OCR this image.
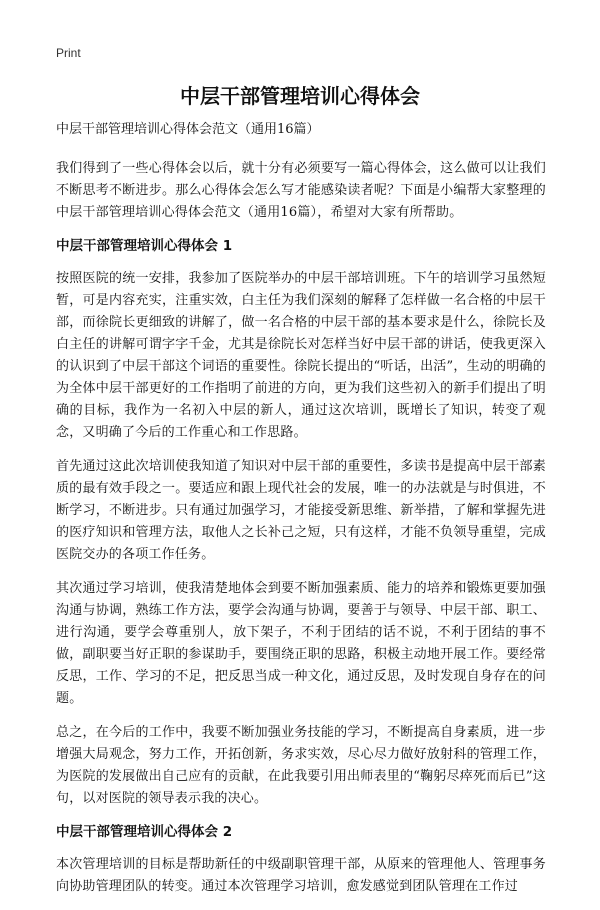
Print
中层干部管理培训心得体会

中层干部管理培训心得体会范文（通用16篇）

我们得到了一些心得体会以后，就十分有必须要写一篇心得体会，这么做可以让我们不断思考不断进步。那么心得体会怎么写才能感染读者呢？下面是小编帮大家整理的中层干部管理培训心得体会范文（通用16篇），希望对大家有所帮助。

中层干部管理培训心得体会 1

按照医院的统一安排，我参加了医院举办的中层干部培训班。下午的培训学习虽然短暂，可是内容充实，注重实效，白主任为我们深刻的解释了怎样做一名合格的中层干部，而徐院长更细致的讲解了，做一名合格的中层干部的基本要求是什么，徐院长及白主任的讲解可谓字字千金，尤其是徐院长对怎样当好中层干部的讲话，使我更深入的认识到了中层干部这个词语的重要性。徐院长提出的“听话，出活”，生动的明确的为全体中层干部更好的工作指明了前进的方向，更为我们这些初入的新手们提出了明确的目标，我作为一名初入中层的新人，通过这次培训，既增长了知识，转变了观念，又明确了今后的工作重心和工作思路。

首先通过这此次培训使我知道了知识对中层干部的重要性，多读书是提高中层干部素质的最有效手段之一。要适应和跟上现代社会的发展，唯一的办法就是与时俱进，不断学习，不断进步。只有通过加强学习，才能接受新思维、新举措，了解和掌握先进的医疗知识和管理方法，取他人之长补己之短，只有这样，才能不负领导重望，完成医院交办的各项工作任务。

其次通过学习培训，使我清楚地体会到要不断加强素质、能力的培养和锻炼更要加强沟通与协调，熟练工作方法，要学会沟通与协调，要善于与领导、中层干部、职工、进行沟通，要学会尊重别人，放下架子，不利于团结的话不说，不利于团结的事不做，副职要当好正职的参谋助手，要围绕正职的思路，积极主动地开展工作。要经常反思，工作、学习的不足，把反思当成一种文化，通过反思，及时发现自身存在的问题。

总之，在今后的工作中，我要不断加强业务技能的学习，不断提高自身素质，进一步增强大局观念，努力工作，开拓创新，务求实效，尽心尽力做好放射科的管理工作，为医院的发展做出自己应有的贡献，在此我要引用出师表里的“鞠躬尽瘁死而后已”这句，以对医院的领导表示我的决心。

中层干部管理培训心得体会 2

本次管理培训的目标是帮助新任的中级副职管理干部，从原来的管理他人、管理事务向协助管理团队的转变。通过本次管理学习培训，愈发感觉到团队管理在工作过
